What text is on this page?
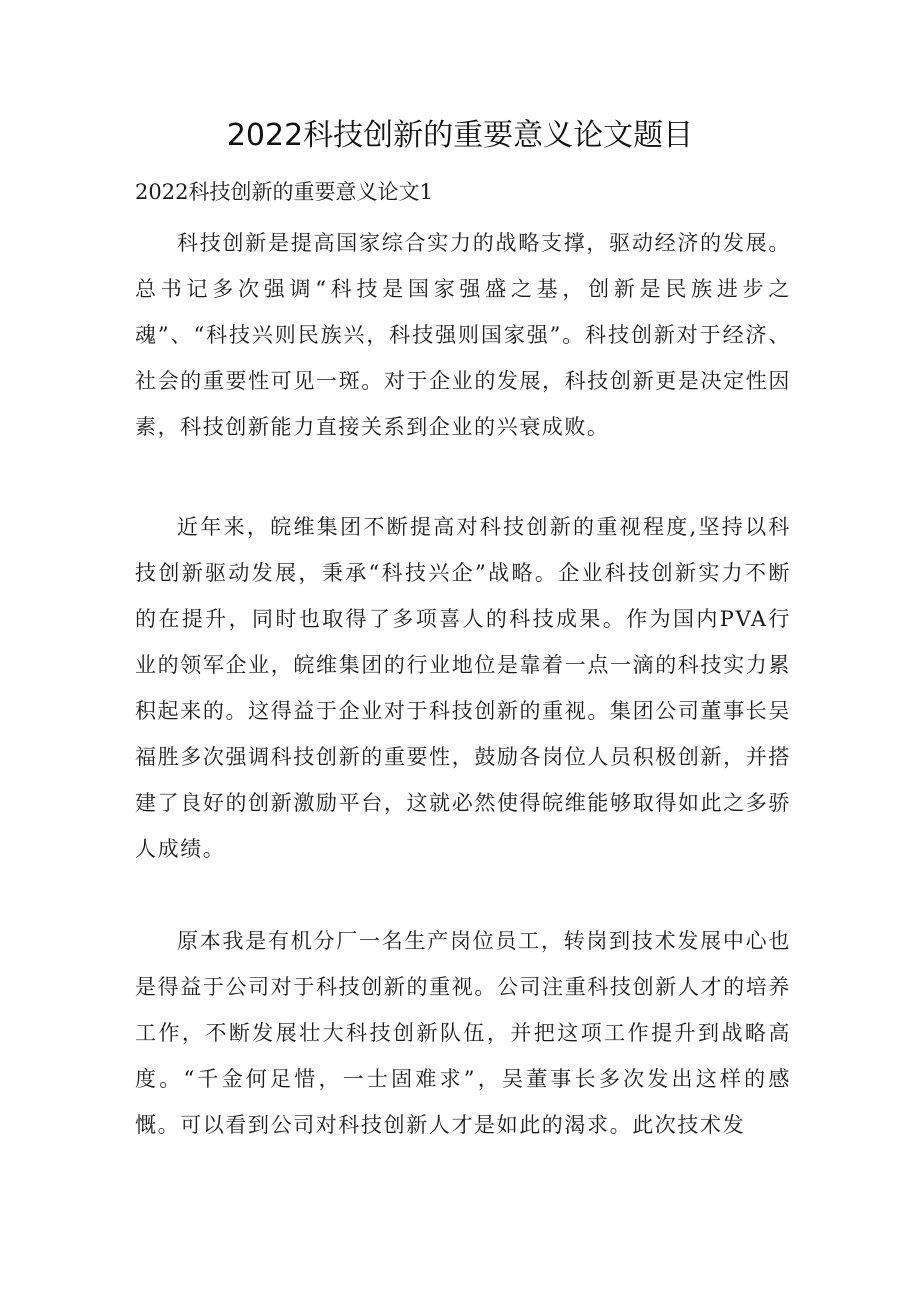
2022科技创新的重要意义论文题目

2022科技创新的重要意义论文1

科技创新是提高国家综合实力的战略支撑，驱动经济的发展。总书记多次强调“科技是国家强盛之基，创新是民族进步之魂”、“科技兴则民族兴，科技强则国家强”。科技创新对于经济、社会的重要性可见一斑。对于企业的发展，科技创新更是决定性因素，科技创新能力直接关系到企业的兴衰成败。

近年来，皖维集团不断提高对科技创新的重视程度,坚持以科技创新驱动发展，秉承“科技兴企”战略。企业科技创新实力不断的在提升，同时也取得了多项喜人的科技成果。作为国内PVA行业的领军企业，皖维集团的行业地位是靠着一点一滴的科技实力累积起来的。这得益于企业对于科技创新的重视。集团公司董事长吴福胜多次强调科技创新的重要性，鼓励各岗位人员积极创新，并搭建了良好的创新激励平台，这就必然使得皖维能够取得如此之多骄人成绩。

原本我是有机分厂一名生产岗位员工，转岗到技术发展中心也是得益于公司对于科技创新的重视。公司注重科技创新人才的培养工作，不断发展壮大科技创新队伍，并把这项工作提升到战略高度。“千金何足惜，一士固难求”，吴董事长多次发出这样的感慨。可以看到公司对科技创新人才是如此的渴求。此次技术发
